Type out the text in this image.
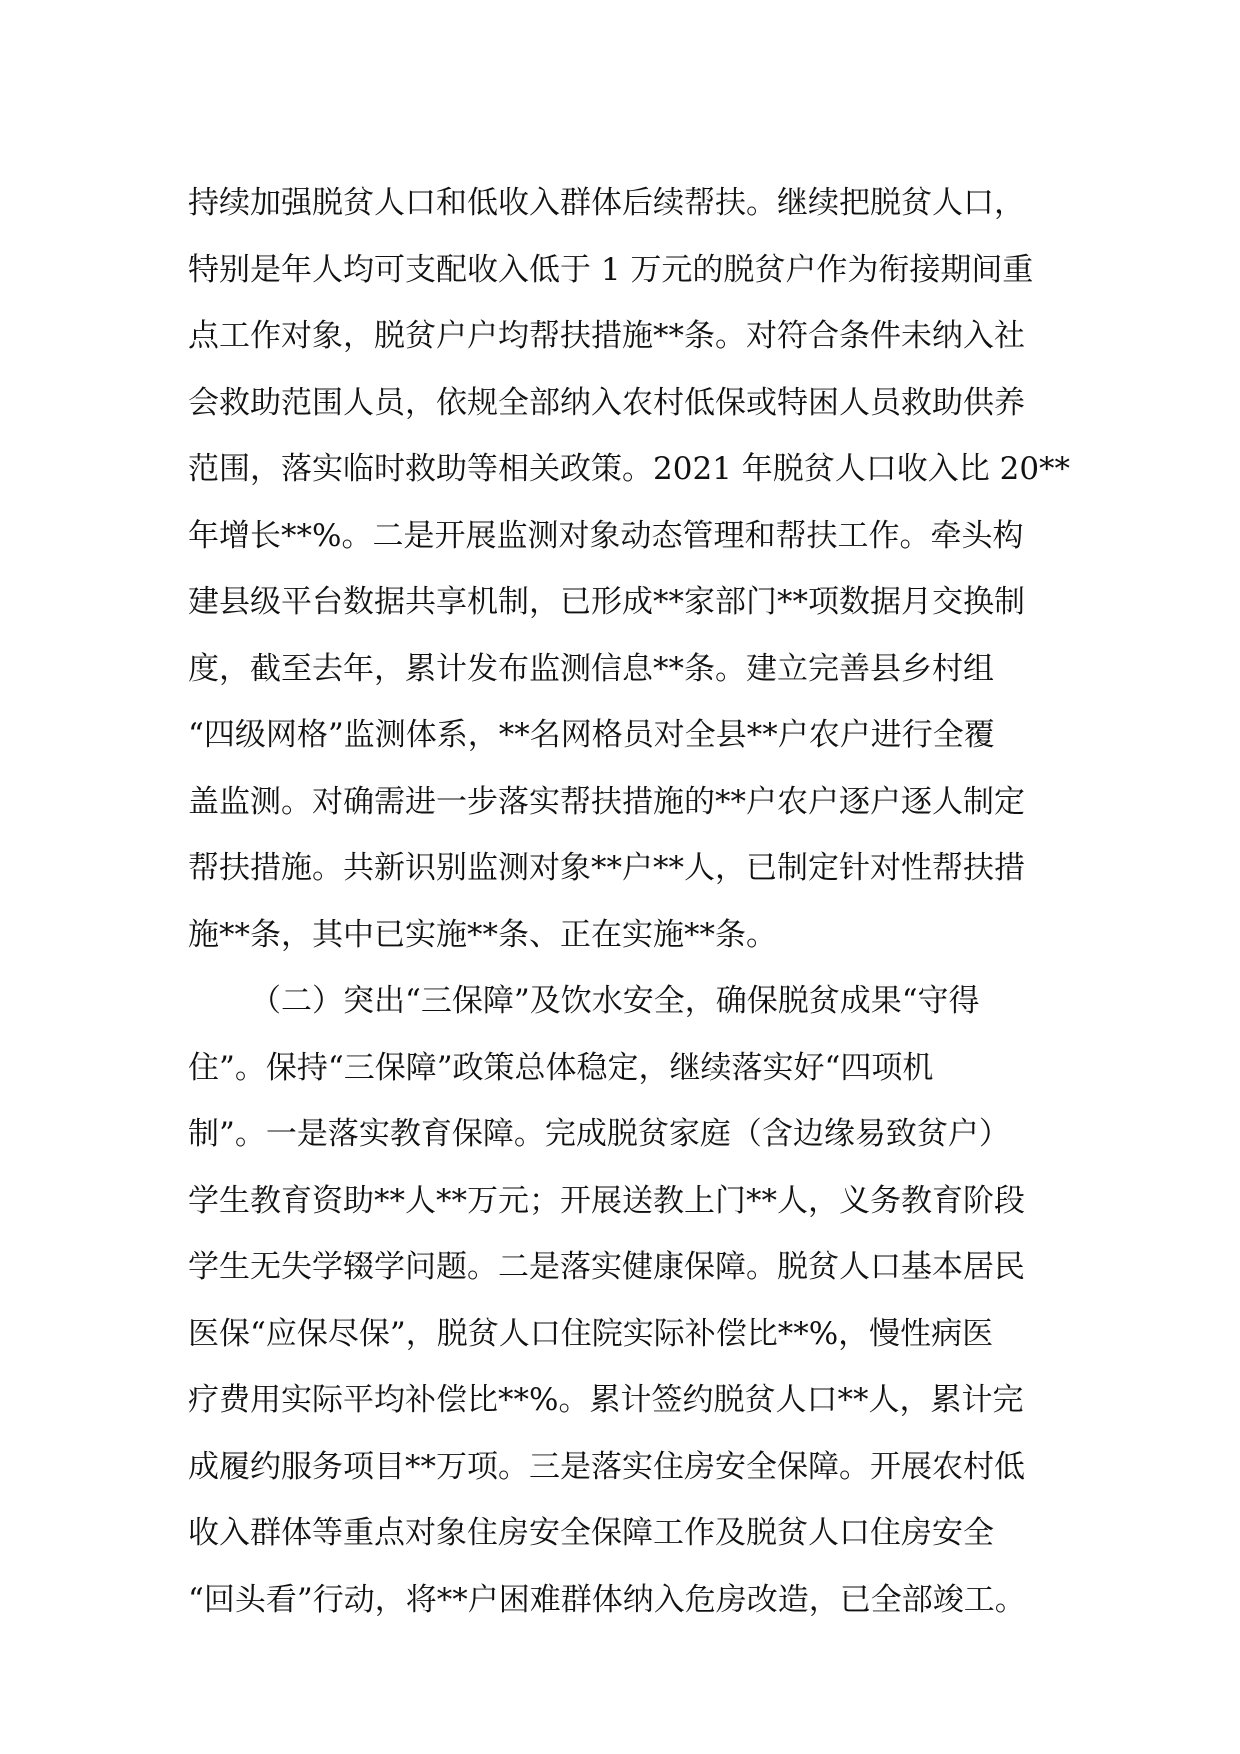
持续加强脱贫人口和低收入群体后续帮扶。继续把脱贫人口，
特别是年人均可支配收入低于 1 万元的脱贫户作为衔接期间重
点工作对象，脱贫户户均帮扶措施**条。对符合条件未纳入社
会救助范围人员，依规全部纳入农村低保或特困人员救助供养
范围，落实临时救助等相关政策。2021 年脱贫人口收入比 20**
年增长**%。二是开展监测对象动态管理和帮扶工作。牵头构
建县级平台数据共享机制，已形成**家部门**项数据月交换制
度，截至去年，累计发布监测信息**条。建立完善县乡村组
“四级网格”监测体系，**名网格员对全县**户农户进行全覆
盖监测。对确需进一步落实帮扶措施的**户农户逐户逐人制定
帮扶措施。共新识别监测对象**户**人，已制定针对性帮扶措
施**条，其中已实施**条、正在实施**条。
（二）突出“三保障”及饮水安全，确保脱贫成果“守得
住”。保持“三保障”政策总体稳定，继续落实好“四项机
制”。一是落实教育保障。完成脱贫家庭（含边缘易致贫户）
学生教育资助**人**万元；开展送教上门**人，义务教育阶段
学生无失学辍学问题。二是落实健康保障。脱贫人口基本居民
医保“应保尽保”，脱贫人口住院实际补偿比**%，慢性病医
疗费用实际平均补偿比**%。累计签约脱贫人口**人，累计完
成履约服务项目**万项。三是落实住房安全保障。开展农村低
收入群体等重点对象住房安全保障工作及脱贫人口住房安全
“回头看”行动，将**户困难群体纳入危房改造，已全部竣工。
